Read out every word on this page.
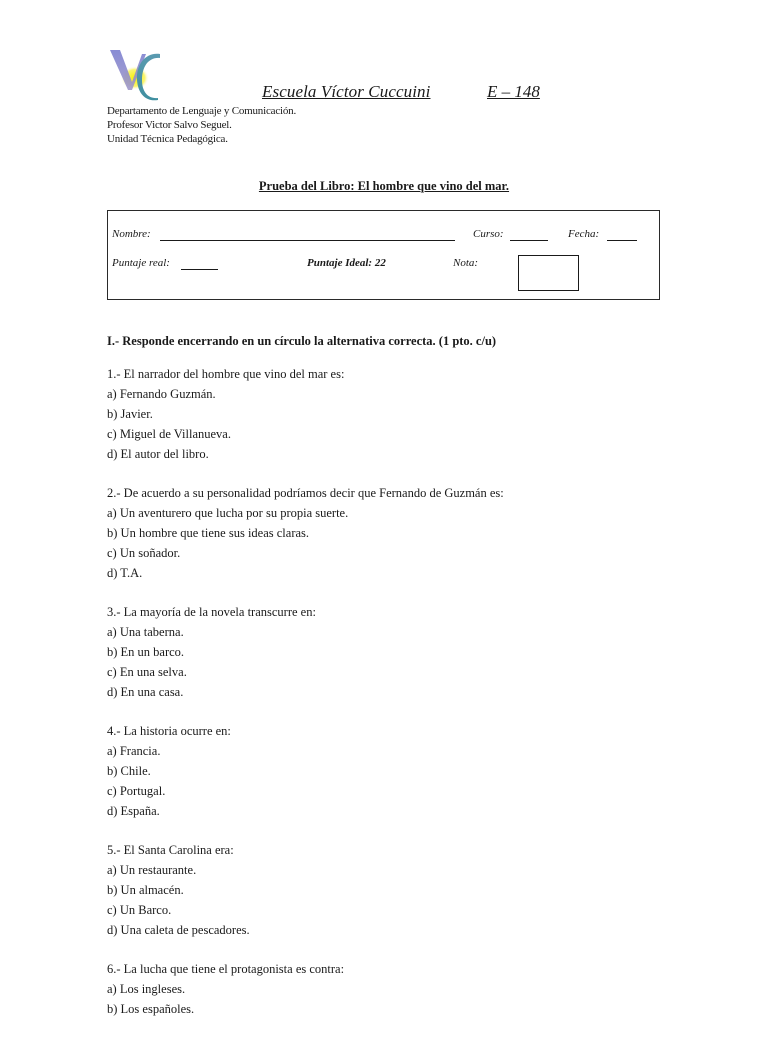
Escuela Víctor Cuccuini	E – 148
Departamento de Lenguaje y Comunicación.
Profesor Victor Salvo Seguel.
Unidad Técnica Pedagógica.
Prueba del Libro: El hombre que vino del mar.
Nombre:	Curso:	Fecha:
Puntaje real:	Puntaje Ideal: 22	Nota:
I.- Responde encerrando en un círculo la alternativa correcta. (1 pto. c/u)
1.- El narrador del hombre que vino del mar es:
a) Fernando Guzmán.
b) Javier.
c) Miguel de Villanueva.
d) El autor del libro.
2.- De acuerdo a su personalidad podríamos decir que Fernando de Guzmán es:
a) Un aventurero que lucha por su propia suerte.
b) Un hombre que tiene sus ideas claras.
c) Un soñador.
d) T.A.
3.- La mayoría de la novela transcurre en:
a) Una taberna.
b) En un barco.
c) En una selva.
d) En una casa.
4.- La historia ocurre en:
a) Francia.
b) Chile.
c) Portugal.
d) España.
5.- El Santa Carolina era:
a) Un restaurante.
b) Un almacén.
c) Un Barco.
d) Una caleta de pescadores.
6.- La lucha que tiene el protagonista es contra:
a) Los ingleses.
b) Los españoles.
